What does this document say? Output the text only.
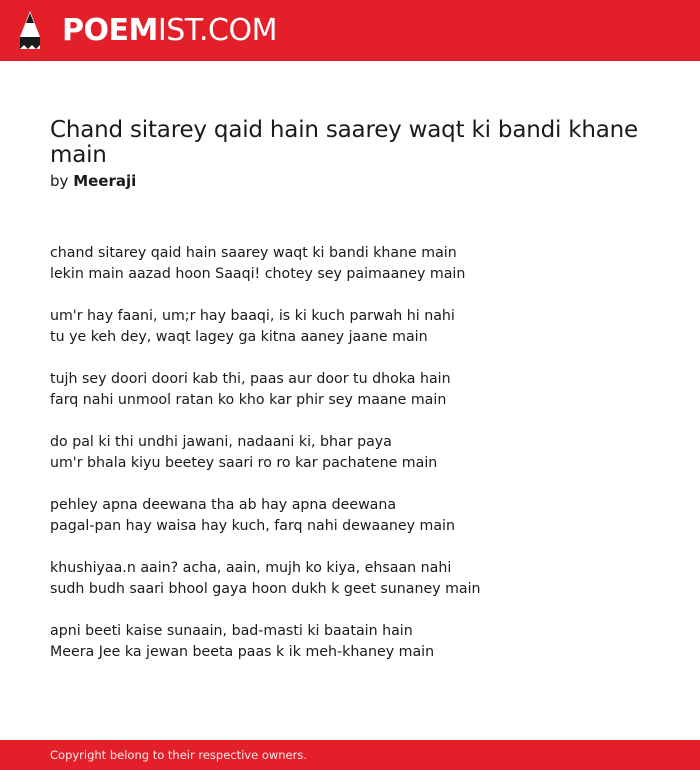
POEMIST.COM
Chand sitarey qaid hain saarey waqt ki bandi khane main
by Meeraji
chand sitarey qaid hain saarey waqt ki bandi khane main
lekin main aazad hoon Saaqi! chotey sey paimaaney main
um'r hay faani, um;r hay baaqi, is ki kuch parwah hi nahi
tu ye keh dey, waqt lagey ga kitna aaney jaane main
tujh sey doori doori kab thi, paas aur door tu dhoka hain
farq nahi unmool ratan ko kho kar phir sey maane main
do pal ki thi undhi jawani, nadaani ki, bhar paya
um'r bhala kiyu beetey saari ro ro kar pachatene main
pehley apna deewana tha ab hay apna deewana
pagal-pan hay waisa hay kuch, farq nahi dewaaney main
khushiyaa.n aain? acha, aain, mujh ko kiya, ehsaan nahi
sudh budh saari bhool gaya hoon dukh k geet sunaney main
apni beeti kaise sunaain, bad-masti ki baatain hain
Meera Jee ka jewan beeta paas k ik meh-khaney main
Copyright belong to their respective owners.
